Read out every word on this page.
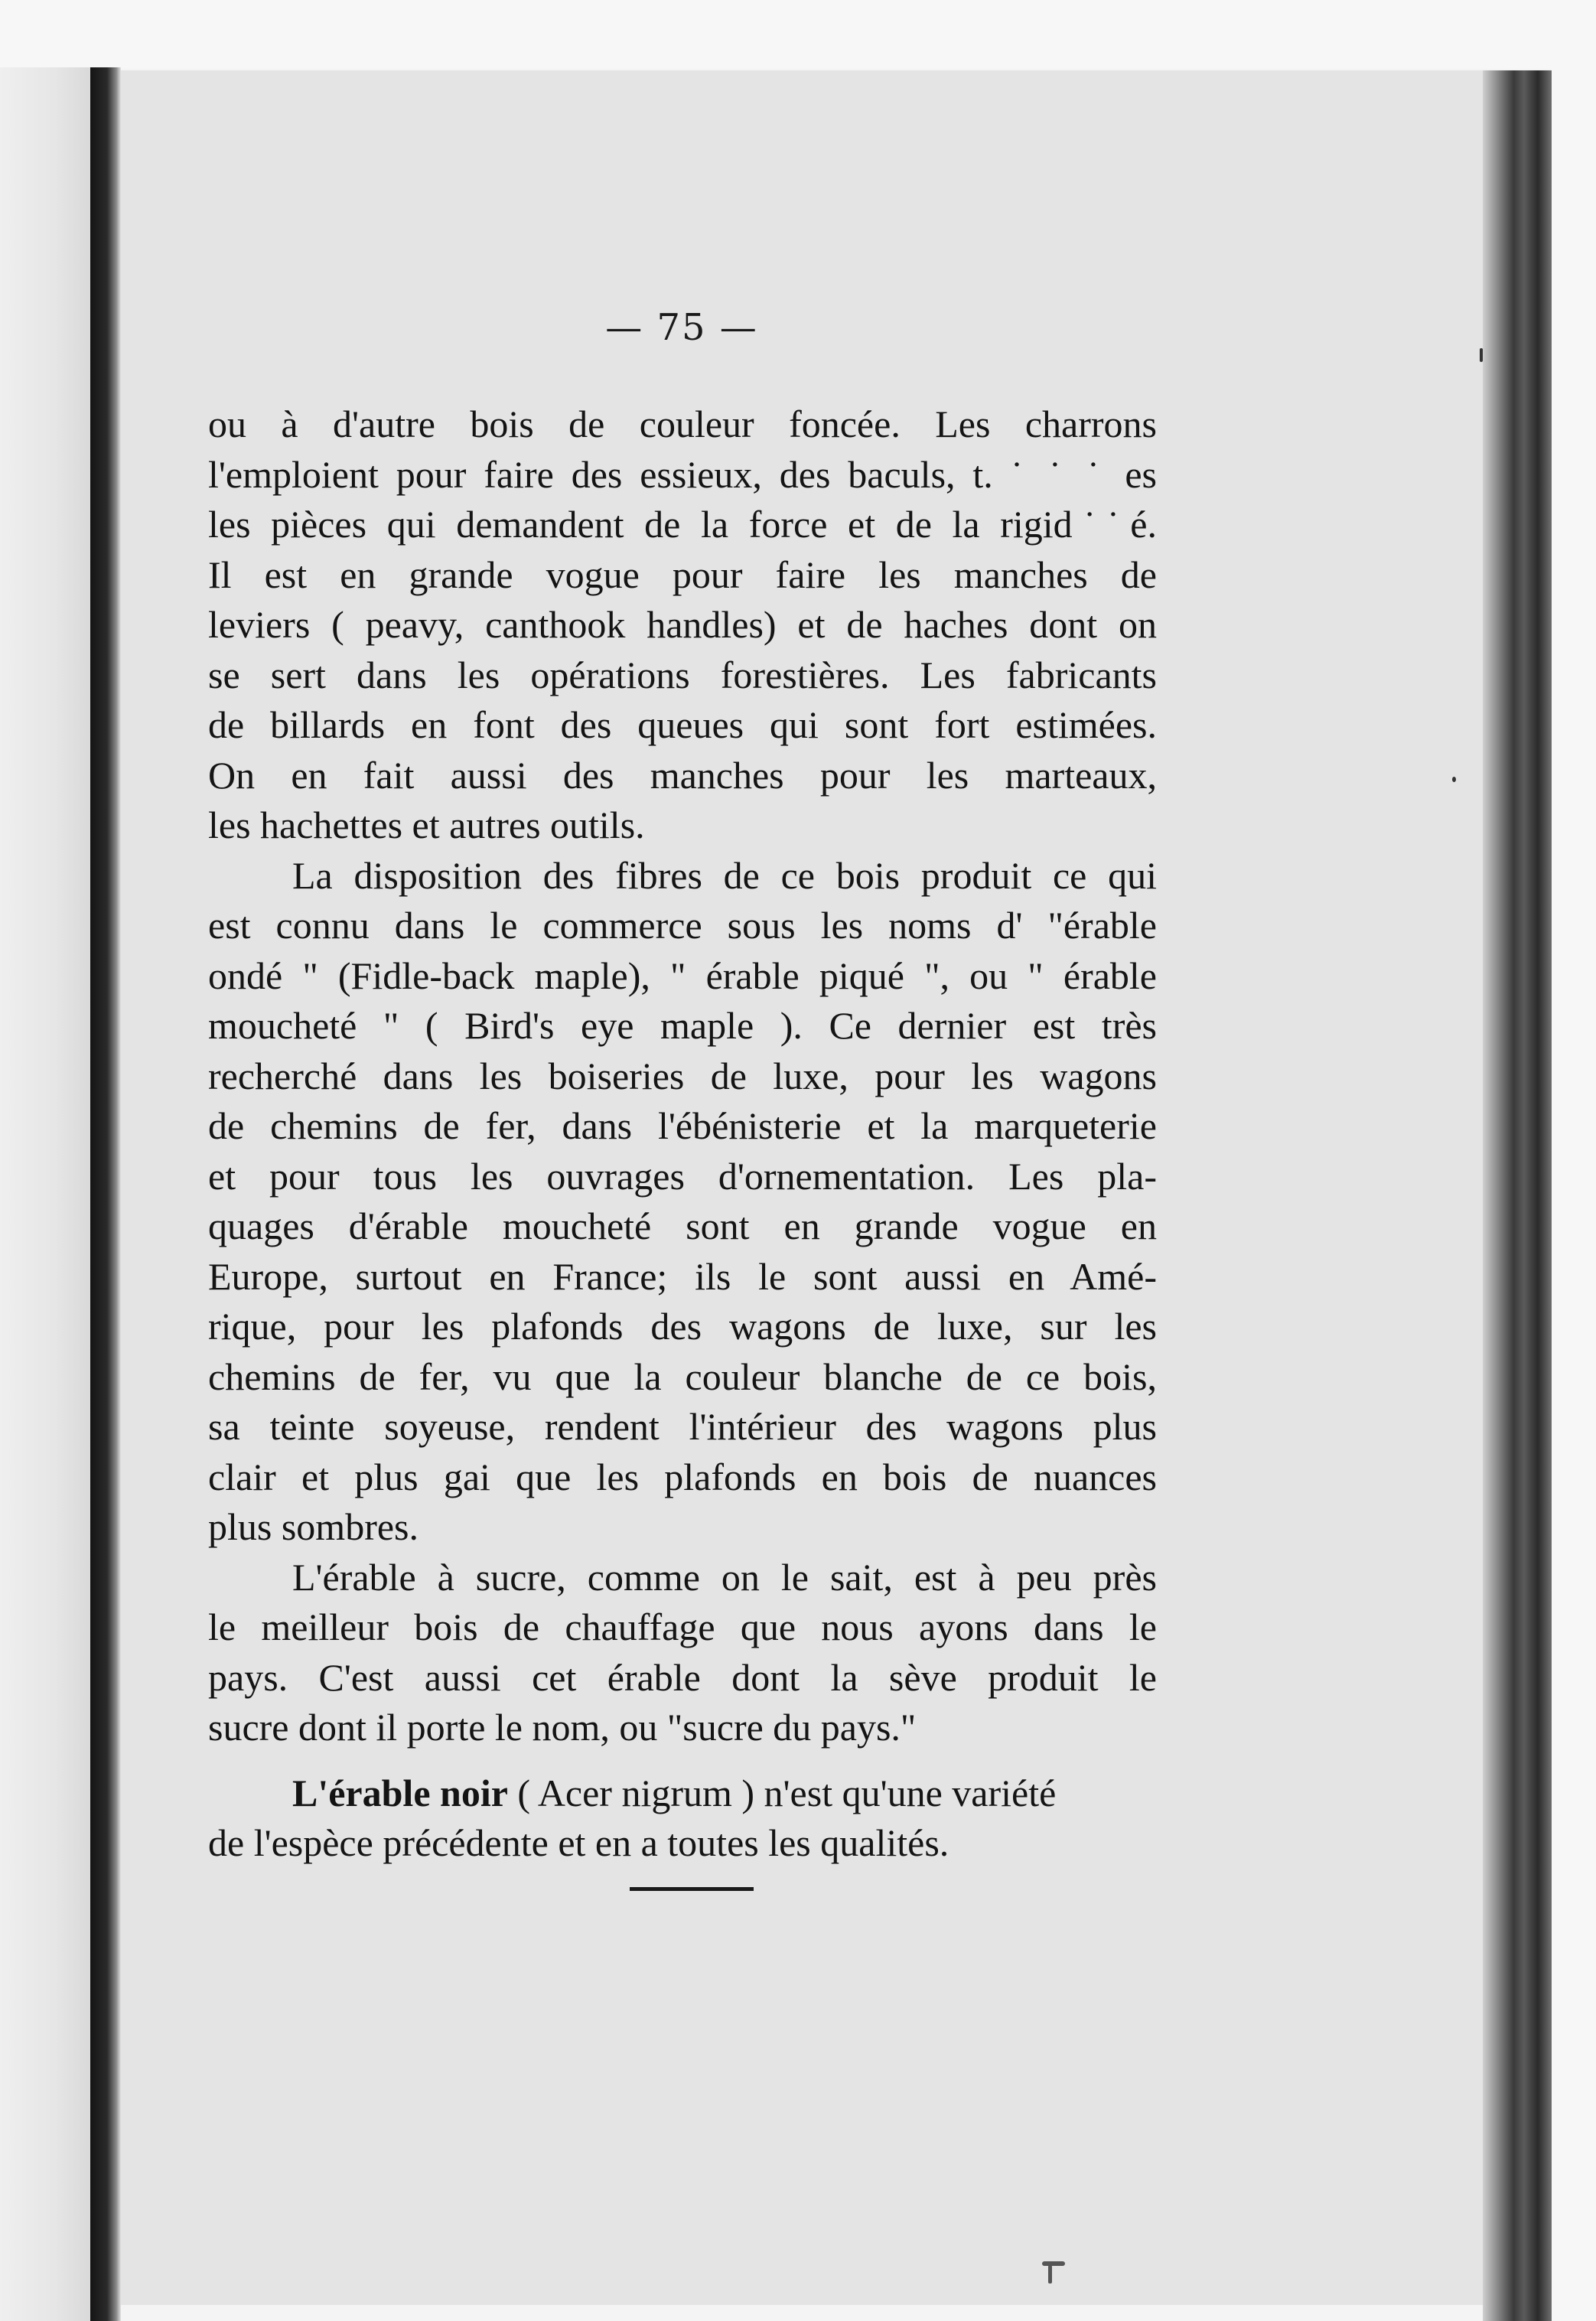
— 75 —
ou à d'autre bois de couleur foncée. Les charrons
l'emploient pour faire des essieux, des baculs, t. ˙ ˙ ˙ es
les pièces qui demandent de la force et de la rigid˙˙é.
Il est en grande vogue pour faire les manches de
leviers ( peavy, canthook handles) et de haches dont on
se sert dans les opérations forestières. Les fabricants
de billards en font des queues qui sont fort estimées.
On en fait aussi des manches pour les marteaux,
les hachettes et autres outils.
La disposition des fibres de ce bois produit ce qui
est connu dans le commerce sous les noms d' "érable
ondé " (Fidle-back maple), " érable piqué ", ou " érable
moucheté " ( Bird's eye maple ). Ce dernier est très
recherché dans les boiseries de luxe, pour les wagons
de chemins de fer, dans l'ébénisterie et la marqueterie
et pour tous les ouvrages d'ornementation. Les pla-
quages d'érable moucheté sont en grande vogue en
Europe, surtout en France; ils le sont aussi en Amé-
rique, pour les plafonds des wagons de luxe, sur les
chemins de fer, vu que la couleur blanche de ce bois,
sa teinte soyeuse, rendent l'intérieur des wagons plus
clair et plus gai que les plafonds en bois de nuances
plus sombres.
L'érable à sucre, comme on le sait, est à peu près
le meilleur bois de chauffage que nous ayons dans le
pays. C'est aussi cet érable dont la sève produit le
sucre dont il porte le nom, ou "sucre du pays."
L'érable noir ( Acer nigrum ) n'est qu'une variété
de l'espèce précédente et en a toutes les qualités.
